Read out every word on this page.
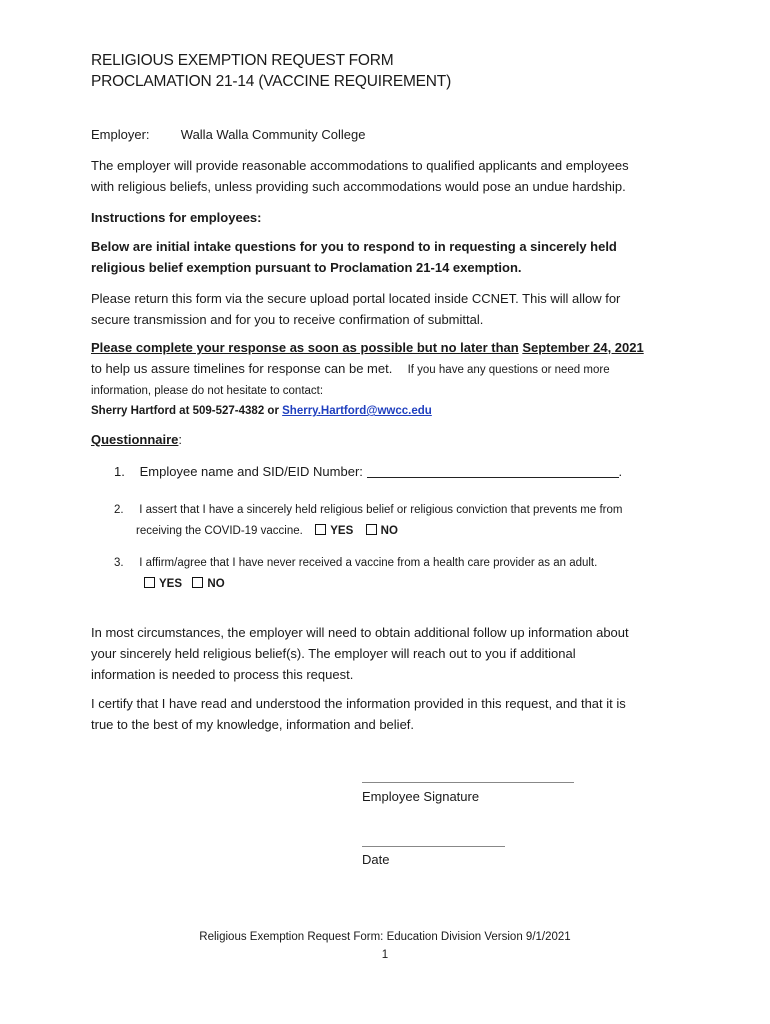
RELIGIOUS EXEMPTION REQUEST FORM
PROCLAMATION 21-14 (VACCINE REQUIREMENT)
Employer: Walla Walla Community College
The employer will provide reasonable accommodations to qualified applicants and employees
with religious beliefs, unless providing such accommodations would pose an undue hardship.
Instructions for employees:
Below are initial intake questions for you to respond to in requesting a sincerely held
religious belief exemption pursuant to Proclamation 21-14 exemption.
Please return this form via the secure upload portal located inside CCNET. This will allow for
secure transmission and for you to receive confirmation of submittal.
Please complete your response as soon as possible but no later than September 24, 2021
to help us assure timelines for response can be met. If you have any questions or need more
information, please do not hesitate to contact:
Sherry Hartford at 509-527-4382 or Sherry.Hartford@wwcc.edu
Questionnaire:
1. Employee name and SID/EID Number:	.
2. I assert that I have a sincerely held religious belief or religious conviction that prevents me from
receiving the COVID-19 vaccine. YES NO
3. I affirm/agree that I have never received a vaccine from a health care provider as an adult.
YES NO
In most circumstances, the employer will need to obtain additional follow up information about
your sincerely held religious belief(s). The employer will reach out to you if additional
information is needed to process this request.
I certify that I have read and understood the information provided in this request, and that it is
true to the best of my knowledge, information and belief.
Employee Signature
Date
Religious Exemption Request Form: Education Division Version 9/1/2021
1
